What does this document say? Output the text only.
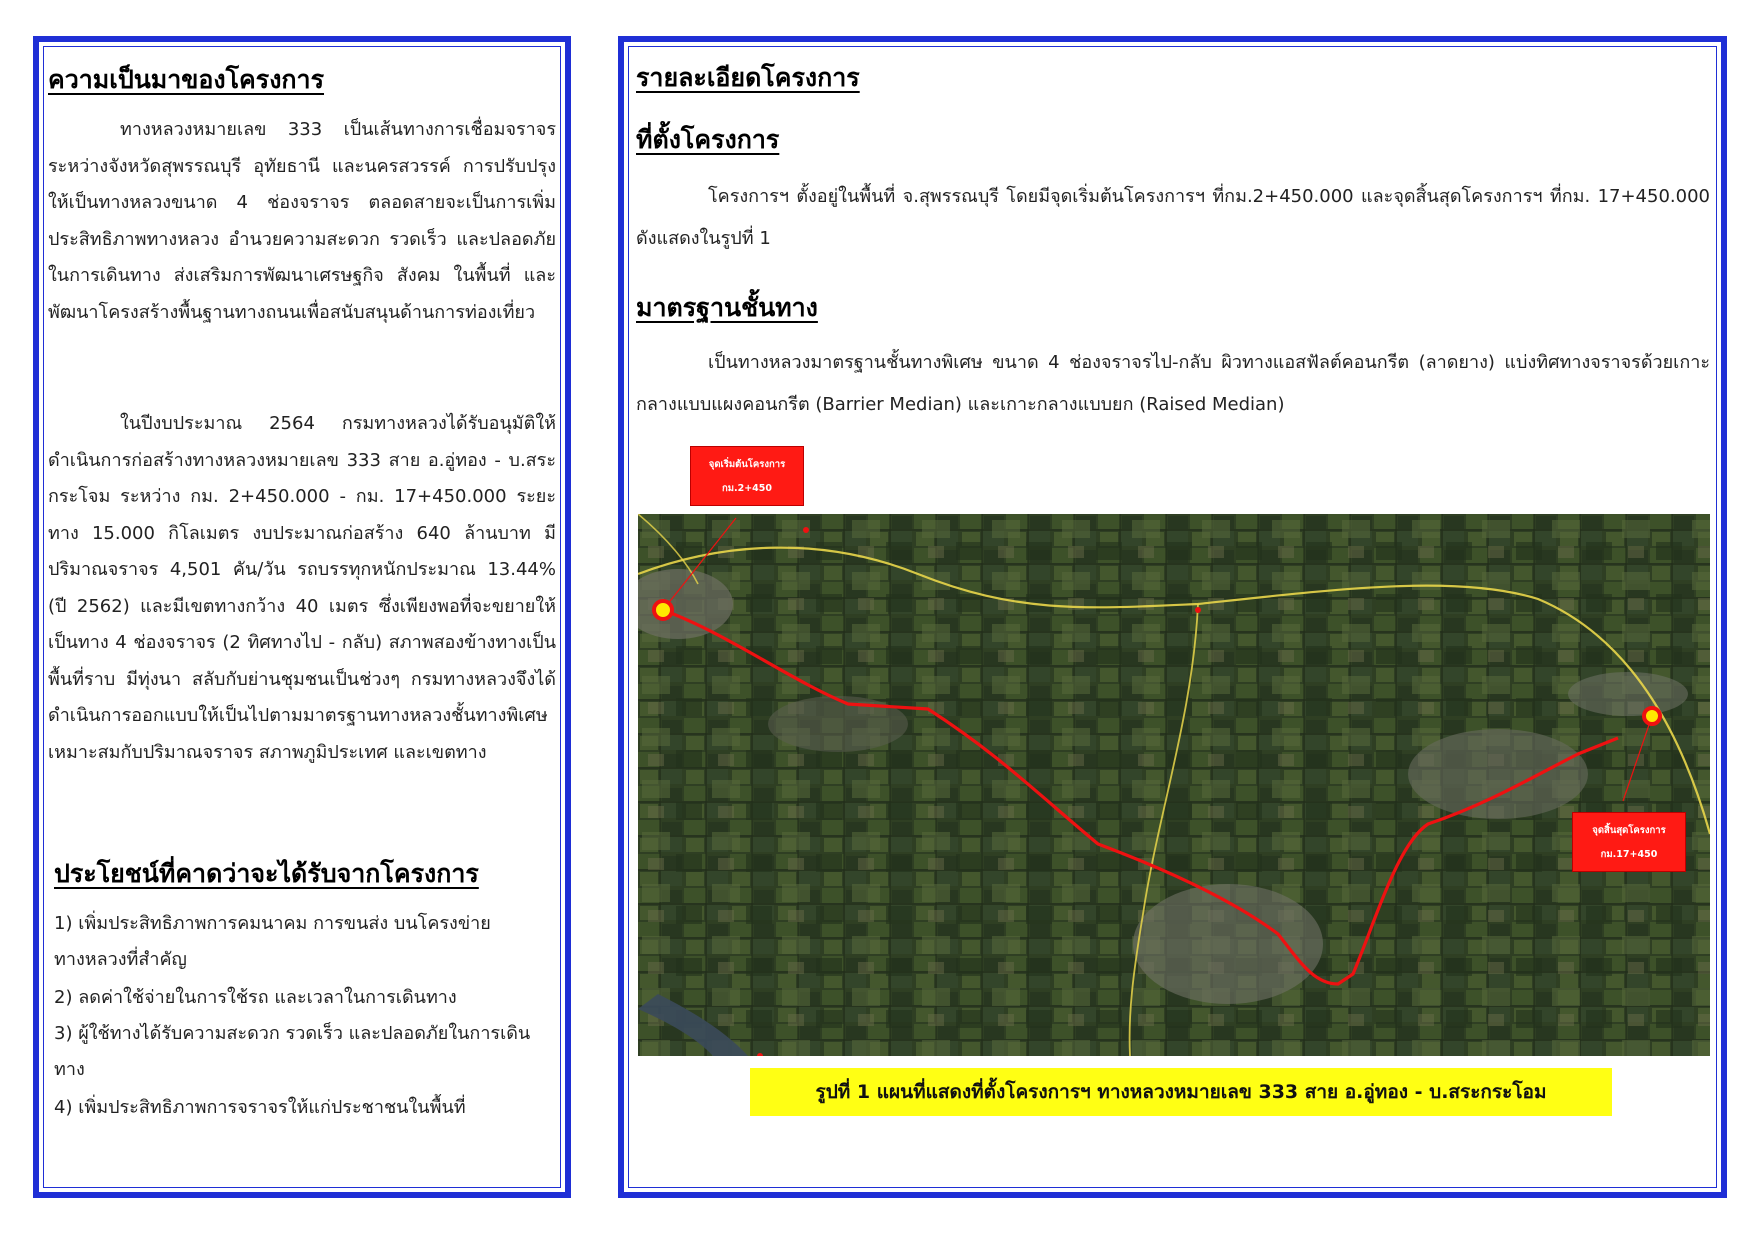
ความเป็นมาของโครงการ
ทางหลวงหมายเลข 333 เป็นเส้นทางการเชื่อมจราจรระหว่างจังหวัดสุพรรณบุรี อุทัยธานี และนครสวรรค์ การปรับปรุงให้เป็นทางหลวงขนาด 4 ช่องจราจร ตลอดสายจะเป็นการเพิ่มประสิทธิภาพทางหลวง อำนวยความสะดวก รวดเร็ว และปลอดภัยในการเดินทาง ส่งเสริมการพัฒนาเศรษฐกิจ สังคม ในพื้นที่ และพัฒนาโครงสร้างพื้นฐานทางถนนเพื่อสนับสนุนด้านการท่องเที่ยว
ในปีงบประมาณ 2564 กรมทางหลวงได้รับอนุมัติให้ดำเนินการก่อสร้างทางหลวงหมายเลข 333 สาย อ.อู่ทอง - บ.สระกระโจม ระหว่าง กม. 2+450.000 - กม. 17+450.000 ระยะทาง 15.000 กิโลเมตร งบประมาณก่อสร้าง 640 ล้านบาท มีปริมาณจราจร 4,501 คัน/วัน รถบรรทุกหนักประมาณ 13.44% (ปี 2562) และมีเขตทางกว้าง 40 เมตร ซึ่งเพียงพอที่จะขยายให้เป็นทาง 4 ช่องจราจร (2 ทิศทางไป - กลับ) สภาพสองข้างทางเป็นพื้นที่ราบ มีทุ่งนา สลับกับย่านชุมชนเป็นช่วงๆ กรมทางหลวงจึงได้ดำเนินการออกแบบให้เป็นไปตามมาตรฐานทางหลวงชั้นทางพิเศษ เหมาะสมกับปริมาณจราจร สภาพภูมิประเทศ และเขตทาง
ประโยชน์ที่คาดว่าจะได้รับจากโครงการ
1) เพิ่มประสิทธิภาพการคมนาคม การขนส่ง บนโครงข่ายทางหลวงที่สำคัญ
2) ลดค่าใช้จ่ายในการใช้รถ และเวลาในการเดินทาง
3) ผู้ใช้ทางได้รับความสะดวก รวดเร็ว และปลอดภัยในการเดินทาง
4) เพิ่มประสิทธิภาพการจราจรให้แก่ประชาชนในพื้นที่
รายละเอียดโครงการ
ที่ตั้งโครงการ
โครงการฯ ตั้งอยู่ในพื้นที่ จ.สุพรรณบุรี โดยมีจุดเริ่มต้นโครงการฯ ที่กม.2+450.000 และจุดสิ้นสุดโครงการฯ ที่กม. 17+450.000 ดังแสดงในรูปที่ 1
มาตรฐานชั้นทาง
เป็นทางหลวงมาตรฐานชั้นทางพิเศษ ขนาด 4 ช่องจราจรไป-กลับ ผิวทางแอสฟัลต์คอนกรีต (ลาดยาง) แบ่งทิศทางจราจรด้วยเกาะกลางแบบแผงคอนกรีต (Barrier Median) และเกาะกลางแบบยก (Raised Median)
จุดเริ่มต้นโครงการ
กม.2+450
จุดสิ้นสุดโครงการ
กม.17+450
รูปที่ 1 แผนที่แสดงที่ตั้งโครงการฯ ทางหลวงหมายเลข 333 สาย อ.อู่ทอง - บ.สระกระโอม
